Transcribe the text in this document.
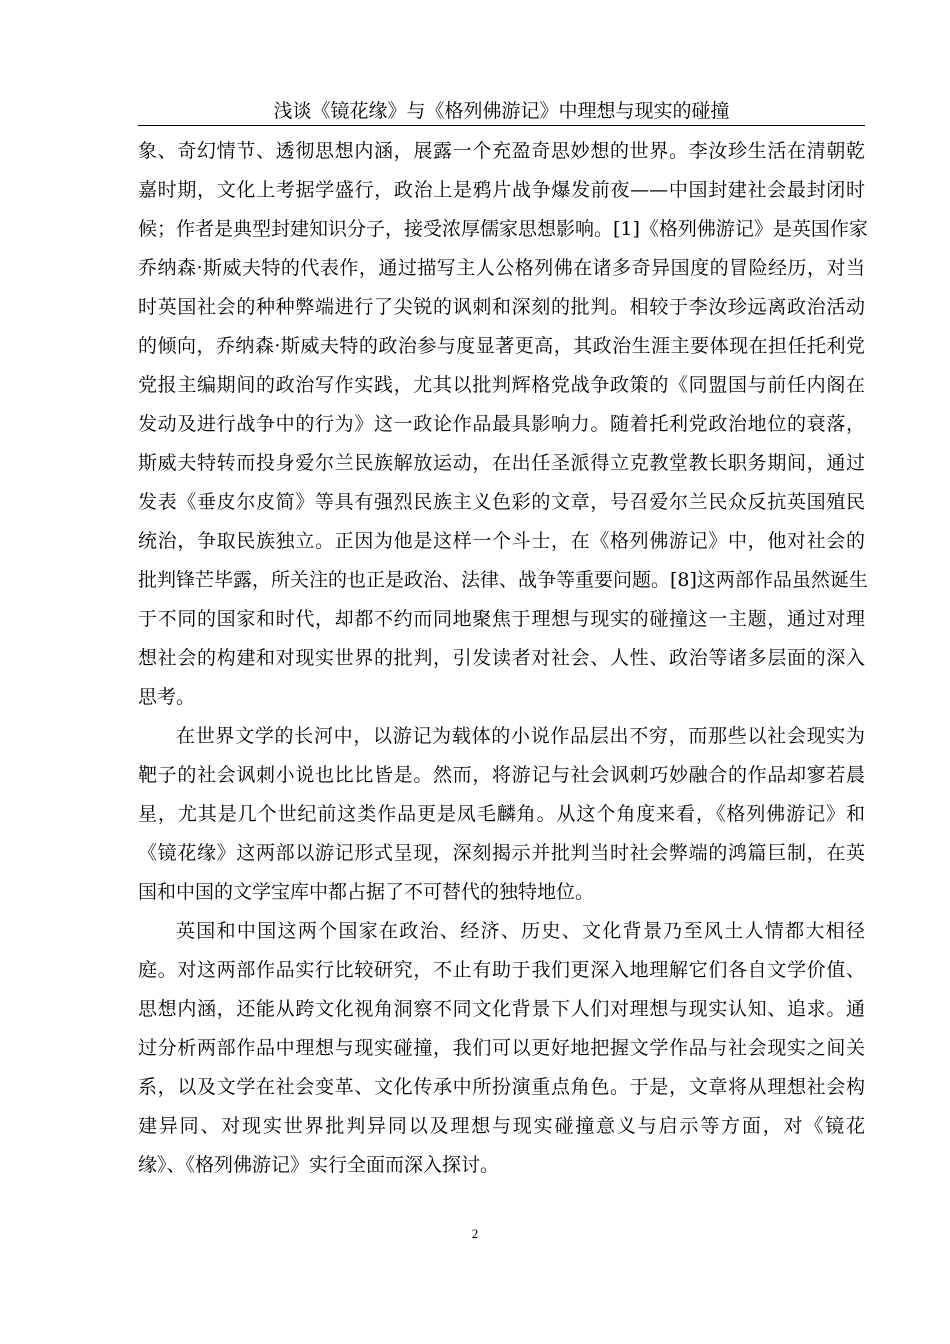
浅谈《镜花缘》与《格列佛游记》中理想与现实的碰撞
象、奇幻情节、透彻思想内涵，展露一个充盈奇思妙想的世界。李汝珍生活在清朝乾
嘉时期，文化上考据学盛行，政治上是鸦片战争爆发前夜——中国封建社会最封闭时
候；作者是典型封建知识分子，接受浓厚儒家思想影响。[1]《格列佛游记》是英国作家
乔纳森·斯威夫特的代表作，通过描写主人公格列佛在诸多奇异国度的冒险经历，对当
时英国社会的种种弊端进行了尖锐的讽刺和深刻的批判。相较于李汝珍远离政治活动
的倾向，乔纳森·斯威夫特的政治参与度显著更高，其政治生涯主要体现在担任托利党
党报主编期间的政治写作实践，尤其以批判辉格党战争政策的《同盟国与前任内阁在
发动及进行战争中的行为》这一政论作品最具影响力。随着托利党政治地位的衰落，
斯威夫特转而投身爱尔兰民族解放运动，在出任圣派得立克教堂教长职务期间，通过
发表《垂皮尔皮简》等具有强烈民族主义色彩的文章，号召爱尔兰民众反抗英国殖民
统治，争取民族独立。正因为他是这样一个斗士，在《格列佛游记》中，他对社会的
批判锋芒毕露，所关注的也正是政治、法律、战争等重要问题。[8]这两部作品虽然诞生
于不同的国家和时代，却都不约而同地聚焦于理想与现实的碰撞这一主题，通过对理
想社会的构建和对现实世界的批判，引发读者对社会、人性、政治等诸多层面的深入
思考。
在世界文学的长河中，以游记为载体的小说作品层出不穷，而那些以社会现实为
靶子的社会讽刺小说也比比皆是。然而，将游记与社会讽刺巧妙融合的作品却寥若晨
星，尤其是几个世纪前这类作品更是凤毛麟角。从这个角度来看，《格列佛游记》和
《镜花缘》这两部以游记形式呈现，深刻揭示并批判当时社会弊端的鸿篇巨制，在英
国和中国的文学宝库中都占据了不可替代的独特地位。
英国和中国这两个国家在政治、经济、历史、文化背景乃至风土人情都大相径
庭。对这两部作品实行比较研究，不止有助于我们更深入地理解它们各自文学价值、
思想内涵，还能从跨文化视角洞察不同文化背景下人们对理想与现实认知、追求。通
过分析两部作品中理想与现实碰撞，我们可以更好地把握文学作品与社会现实之间关
系，以及文学在社会变革、文化传承中所扮演重点角色。于是，文章将从理想社会构
建异同、对现实世界批判异同以及理想与现实碰撞意义与启示等方面，对《镜花
缘》、《格列佛游记》实行全面而深入探讨。
2
